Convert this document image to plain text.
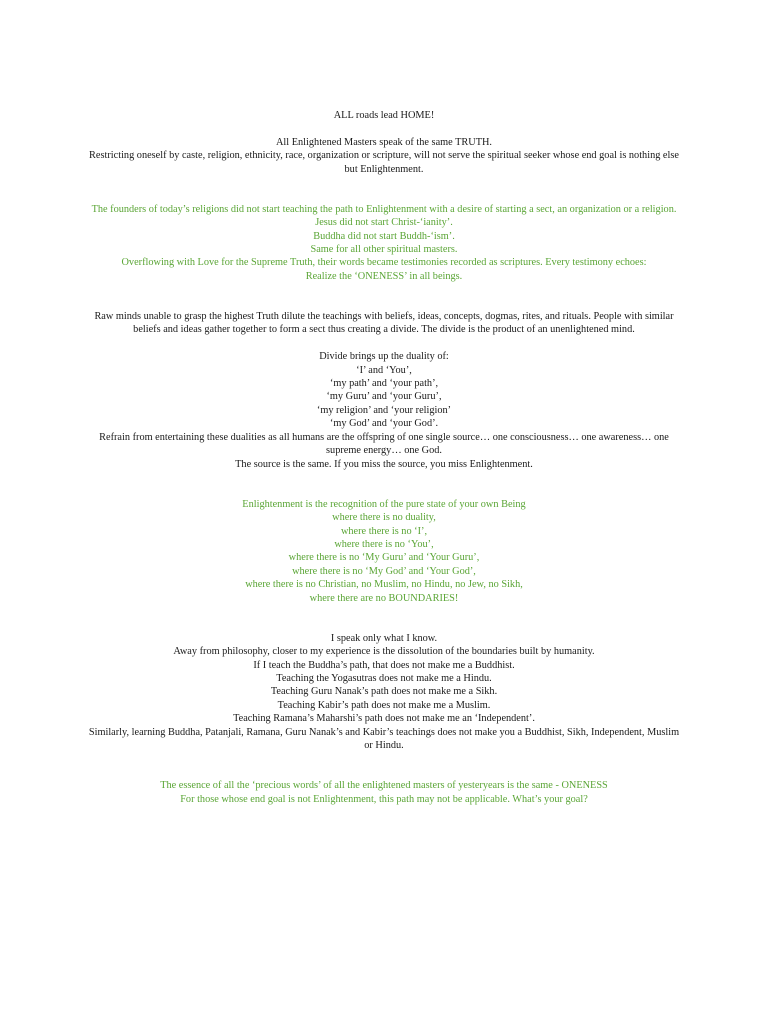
ALL roads lead HOME!
All Enlightened Masters speak of the same TRUTH.
Restricting oneself by caste, religion, ethnicity, race, organization or scripture, will not serve the spiritual seeker whose end goal is nothing else but Enlightenment.
The founders of today’s religions did not start teaching the path to Enlightenment with a desire of starting a sect, an organization or a religion.
Jesus did not start Christ-‘ianity’.
Buddha did not start Buddh-‘ism’.
Same for all other spiritual masters.
Overflowing with Love for the Supreme Truth, their words became testimonies recorded as scriptures. Every testimony echoes:
Realize the ‘ONENESS’ in all beings.
Raw minds unable to grasp the highest Truth dilute the teachings with beliefs, ideas, concepts, dogmas, rites, and rituals. People with similar beliefs and ideas gather together to form a sect thus creating a divide. The divide is the product of an unenlightened mind.
Divide brings up the duality of:
‘I’ and ‘You’,
‘my path’ and ‘your path’,
‘my Guru’ and ‘your Guru’,
‘my religion’ and ‘your religion’
‘my God’ and ‘your God’.
Refrain from entertaining these dualities as all humans are the offspring of one single source… one consciousness… one awareness… one supreme energy… one God.
The source is the same. If you miss the source, you miss Enlightenment.
Enlightenment is the recognition of the pure state of your own Being
where there is no duality,
where there is no ‘I’,
where there is no ‘You’,
where there is no ‘My Guru’ and ‘Your Guru’,
where there is no ‘My God’ and ‘Your God’,
where there is no Christian, no Muslim, no Hindu, no Jew, no Sikh,
where there are no BOUNDARIES!
I speak only what I know.
Away from philosophy, closer to my experience is the dissolution of the boundaries built by humanity.
If I teach the Buddha’s path, that does not make me a Buddhist.
Teaching the Yogasutras does not make me a Hindu.
Teaching Guru Nanak’s path does not make me a Sikh.
Teaching Kabir’s path does not make me a Muslim.
Teaching Ramana’s Maharshi’s path does not make me an ‘Independent’.
Similarly, learning Buddha, Patanjali, Ramana, Guru Nanak’s and Kabir’s teachings does not make you a Buddhist, Sikh, Independent, Muslim or Hindu.
The essence of all the ‘precious words’ of all the enlightened masters of yesteryears is the same - ONENESS
For those whose end goal is not Enlightenment, this path may not be applicable. What’s your goal?
